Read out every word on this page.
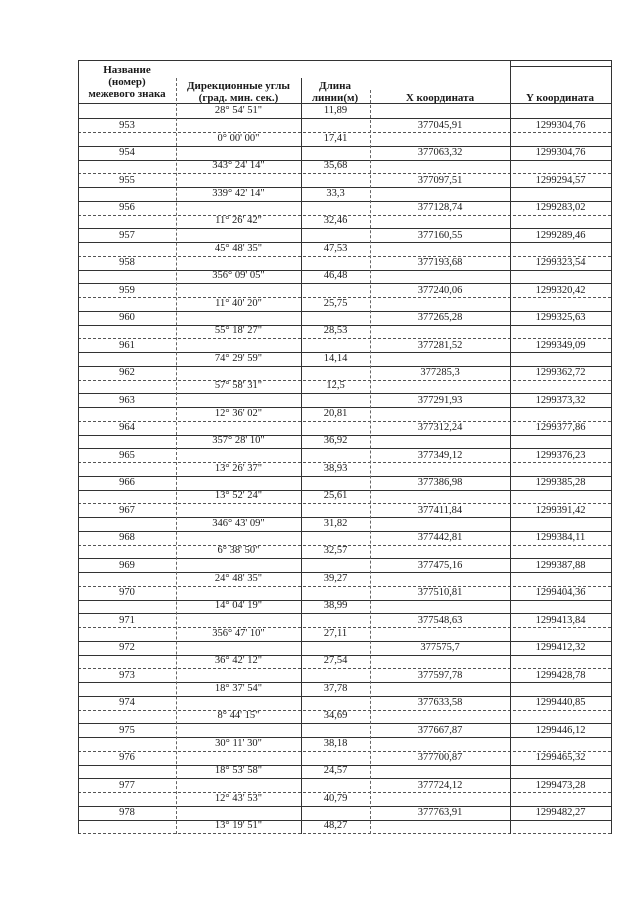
Название
(номер)
межевого знака
Дирекционные углы
(град. мин. сек.)
Длина
линии(м)	X координата	Y координата
28° 54' 51"	11,89
953	377045,91	1299304,76
0° 00' 00"	17,41
954	377063,32	1299304,76
343° 24' 14"	35,68
955	377097,51	1299294,57
339° 42' 14"	33,3
956	377128,74	1299283,02
11° 26' 42"	32,46
957	377160,55	1299289,46
45° 48' 35"	47,53
958	377193,68	1299323,54
356° 09' 05"	46,48
959	377240,06	1299320,42
11° 40' 20"	25,75
960	377265,28	1299325,63
55° 18' 27"	28,53
961	377281,52	1299349,09
74° 29' 59"	14,14
962	377285,3	1299362,72
57° 58' 31"	12,5
963	377291,93	1299373,32
12° 36' 02"	20,81
964	377312,24	1299377,86
357° 28' 10"	36,92
965	377349,12	1299376,23
13° 26' 37"	38,93
966	377386,98	1299385,28
13° 52' 24"	25,61
967	377411,84	1299391,42
346° 43' 09"	31,82
968	377442,81	1299384,11
6° 38' 50"	32,57
969	377475,16	1299387,88
24° 48' 35"	39,27
970	377510,81	1299404,36
14° 04' 19"	38,99
971	377548,63	1299413,84
356° 47' 10"	27,11
972	377575,7	1299412,32
36° 42' 12"	27,54
973	377597,78	1299428,78
18° 37' 54"	37,78
974	377633,58	1299440,85
8° 44' 15"	34,69
975	377667,87	1299446,12
30° 11' 30"	38,18
976	377700,87	1299465,32
18° 53' 58"	24,57
977	377724,12	1299473,28
12° 43' 53"	40,79
978	377763,91	1299482,27
13° 19' 51"	48,27
